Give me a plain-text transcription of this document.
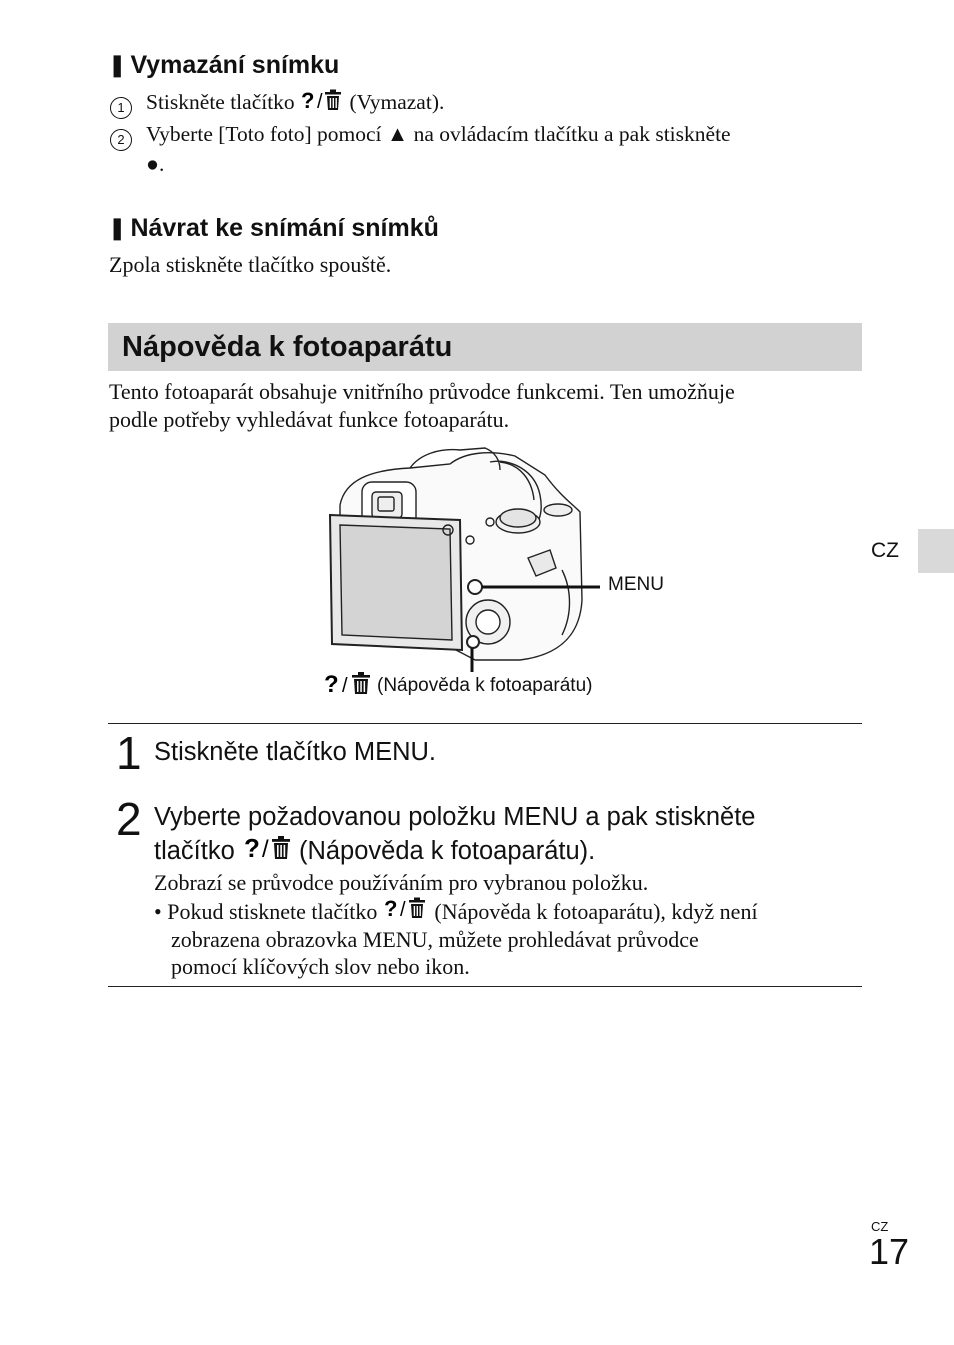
❚ Vymazání snímku
1 Stiskněte tlačítko ? / (Vymazat).
2 Vyberte [Toto foto] pomocí ▲ na ovládacím tlačítku a pak stiskněte
●.
❚ Návrat ke snímání snímků
Zpola stiskněte tlačítko spouště.
Nápověda k fotoaparátu
Tento fotoaparát obsahuje vnitřního průvodce funkcemi. Ten umožňuje
podle potřeby vyhledávat funkce fotoaparátu.
MENU
? / (Nápověda k fotoaparátu)
CZ
1 Stiskněte tlačítko MENU.
2 Vyberte požadovanou položku MENU a pak stiskněte
tlačítko ? / (Nápověda k fotoaparátu).
Zobrazí se průvodce používáním pro vybranou položku.
• Pokud stisknete tlačítko ? / (Nápověda k fotoaparátu), když není
zobrazena obrazovka MENU, můžete prohledávat průvodce
pomocí klíčových slov nebo ikon.
CZ
17
